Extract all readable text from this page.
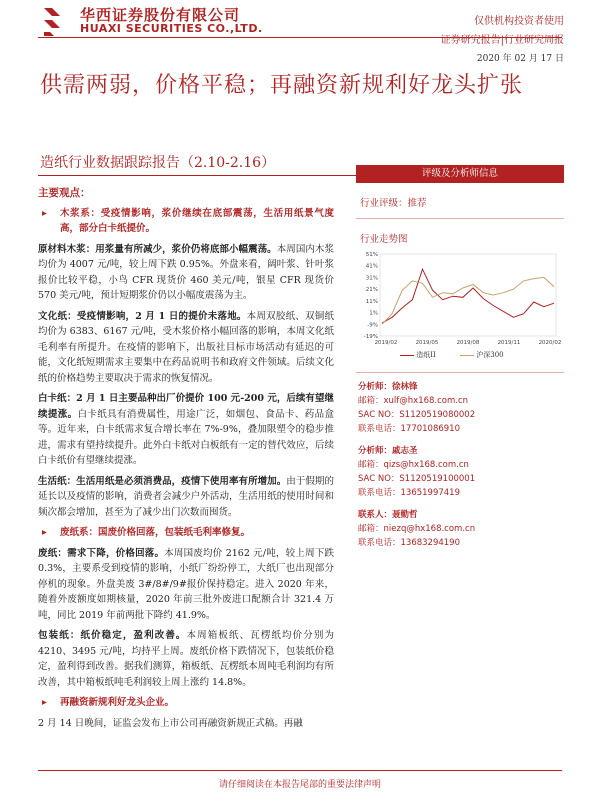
华西证券股份有限公司
HUAXI SECURITIES CO.,LTD.
仅供机构投资者使用
证券研究报告|行业研究周报
2020 年 02 月 17 日
供需两弱，价格平稳；再融资新规利好龙头扩张
造纸行业数据跟踪报告（2.10-2.16）
主要观点：

▸ 木浆系：受疫情影响，浆价继续在底部震荡，生活用纸景气度高，部分白卡纸提价。

原材料木浆：用浆量有所减少，浆价仍将底部小幅震荡。本周国内木浆均价为 4007 元/吨，较上周下跌 0.95%。外盘来看，阔叶浆、针叶浆报价比较平稳，小鸟 CFR 现货价 460 美元/吨，银星 CFR 现货价 570 美元/吨，预计短期浆价仍以小幅度震荡为主。

文化纸：受疫情影响，2 月 1 日的提价未落地。本周双胶纸、双铜纸均价为 6383、6167 元/吨，受木浆价格小幅回落的影响，本周文化纸毛利率有所提升。在疫情的影响下，出版社目标市场活动有延迟的可能，文化纸短期需求主要集中在药品说明书和政府文件领域。后续文化纸的价格趋势主要取决于需求的恢复情况。

白卡纸：2 月 1 日主要品种出厂价提价 100 元-200 元，后续有望继续提涨。白卡纸具有消费属性，用途广泛，如烟包、食品卡、药品盒等。近年来，白卡纸需求复合增长率在 7%-9%，叠加限塑令的稳步推进，需求有望持续提升。此外白卡纸对白板纸有一定的替代效应，后续白卡纸价有望继续提涨。

生活纸：生活用纸是必须消费品，疫情下使用率有所增加。由于假期的延长以及疫情的影响，消费者会减少户外活动，生活用纸的使用时间和频次都会增加，甚至为了减少出门次数而囤货。

▸ 废纸系：国废价格回落，包装纸毛利率修复。

废纸：需求下降，价格回落。本周国废均价 2162 元/吨，较上周下跌 0.3%，主要系受到疫情的影响，小纸厂纷纷停工，大纸厂也出现部分停机的现象。外盘美废 3#/8#/9#报价保持稳定。进入 2020 年来，随着外废额度如期核量，2020 年前三批外废进口配额合计 321.4 万吨，同比 2019 年前两批下降约 41.9%。

包装纸：纸价稳定，盈利改善。本周箱板纸、瓦楞纸均价分别为 4210、3495 元/吨，均持平上周。废纸价格下跌情况下，包装纸价稳定，盈利得到改善。据我们测算，箱板纸、瓦楞纸本周吨毛利润均有所改善，其中箱板纸吨毛利润较上周上涨约 14.8%。

▸ 再融资新规利好龙头企业。

2 月 14 日晚间，证监会发布上市公司再融资新规正式稿。再融

评级及分析师信息
行业评级：推荐
行业走势图
51%
41%
31%
21%
11%
1%
-9%
-19%
2019/02	2019/05	2019/08	2019/11	2020/02
造纸II	沪深300
分析师：徐林锋
邮箱：xulf@hx168.com.cn
SAC NO：S1120519080002
联系电话：17701086910
分析师：戚志圣
邮箱：qizs@hx168.com.cn
SAC NO：S1120519100001
联系电话：13651997419
联系人：聂勤哲
邮箱：niezq@hx168.com.cn
联系电话：13683294190
请仔细阅读在本报告尾部的重要法律声明
